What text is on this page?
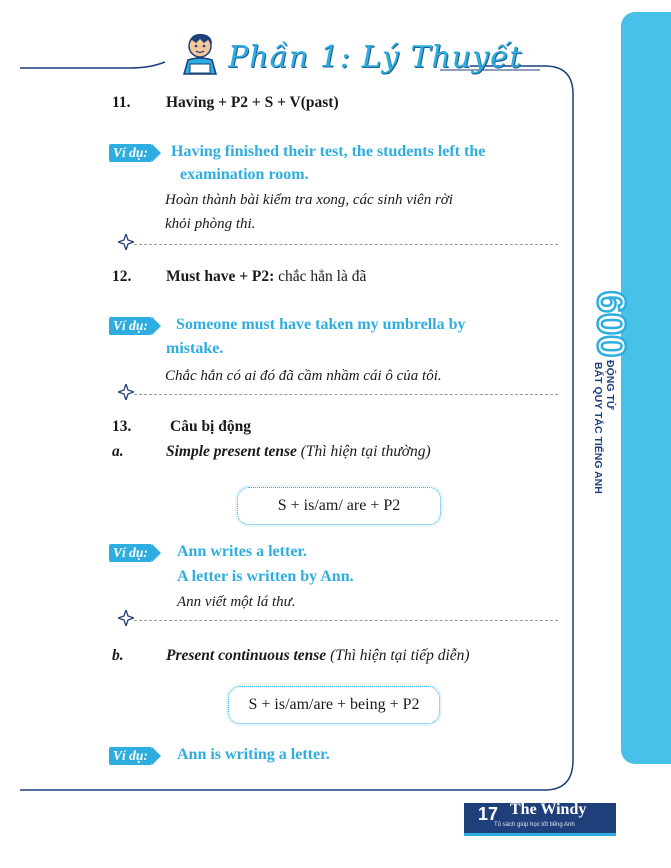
600
ĐỘNG TỪ
BẤT QUY TẮC TIẾNG ANH
Phần 1: Lý Thuyết
11. Having + P2 + S + V(past)
Ví dụ: Having finished their test, the students left the
examination room.
Hoàn thành bài kiểm tra xong, các sinh viên rời
khỏi phòng thi.
12. Must have + P2: chắc hẳn là đã
Ví dụ: Someone must have taken my umbrella by
mistake.
Chắc hẳn có ai đó đã cầm nhầm cái ô của tôi.
13. Câu bị động
a.	Simple present tense (Thì hiện tại thường)
S + is/am/ are + P2
Ví dụ: Ann writes a letter.
A letter is written by Ann.
Ann viết một lá thư.
b.	Present continuous tense (Thì hiện tại tiếp diễn)
S + is/am/are + being + P2
Ví dụ: Ann is writing a letter.
17 The Windy
Tủ sách giúp học tốt tiếng Anh
